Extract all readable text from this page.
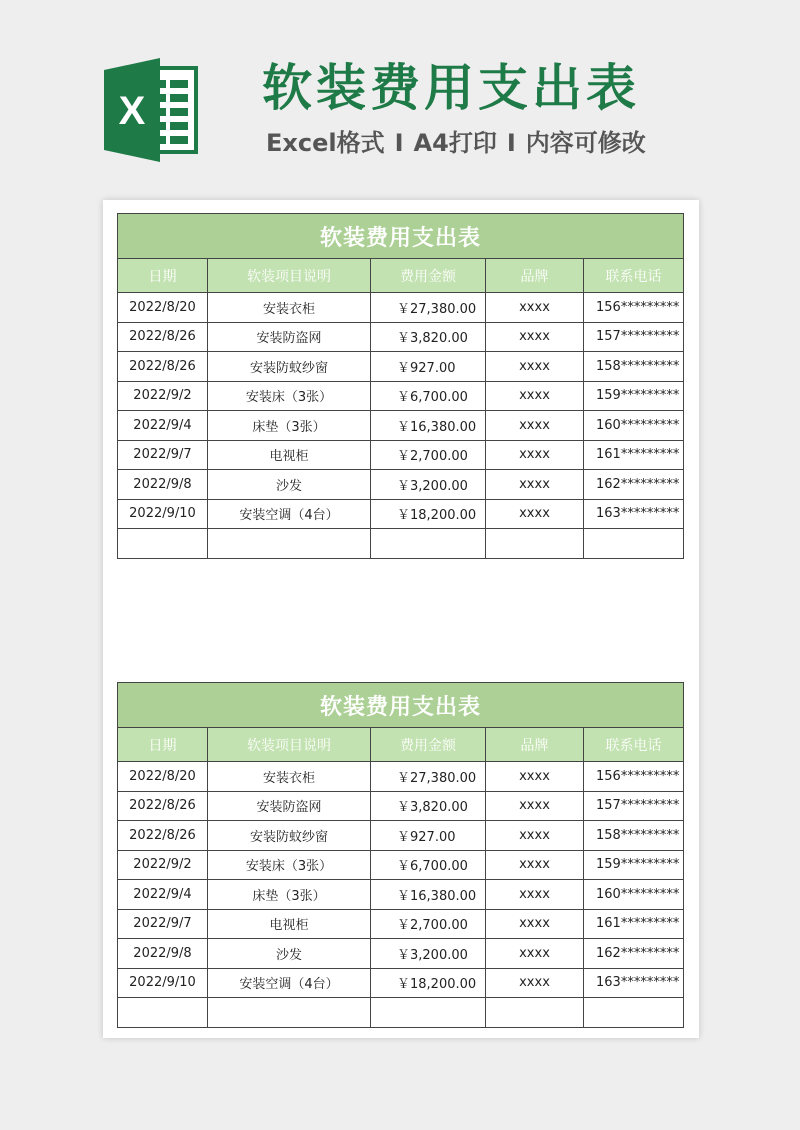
X 软装费用支出表
Excel格式 I A4打印 I 内容可修改
软装费用支出表				
日期	软装项目说明	费用金额	品牌	联系电话
2022/8/20	安装衣柜	￥27,380.00	xxxx	156*********
2022/8/26	安装防盗网	￥3,820.00	xxxx	157*********
2022/8/26	安装防蚊纱窗	￥927.00	xxxx	158*********
2022/9/2	安装床（3张）	￥6,700.00	xxxx	159*********
2022/9/4	床垫（3张）	￥16,380.00	xxxx	160*********
2022/9/7	电视柜	￥2,700.00	xxxx	161*********
2022/9/8	沙发	￥3,200.00	xxxx	162*********
2022/9/10	安装空调（4台）	￥18,200.00	xxxx	163*********

软装费用支出表				
日期	软装项目说明	费用金额	品牌	联系电话
2022/8/20	安装衣柜	￥27,380.00	xxxx	156*********
2022/8/26	安装防盗网	￥3,820.00	xxxx	157*********
2022/8/26	安装防蚊纱窗	￥927.00	xxxx	158*********
2022/9/2	安装床（3张）	￥6,700.00	xxxx	159*********
2022/9/4	床垫（3张）	￥16,380.00	xxxx	160*********
2022/9/7	电视柜	￥2,700.00	xxxx	161*********
2022/9/8	沙发	￥3,200.00	xxxx	162*********
2022/9/10	安装空调（4台）	￥18,200.00	xxxx	163*********
